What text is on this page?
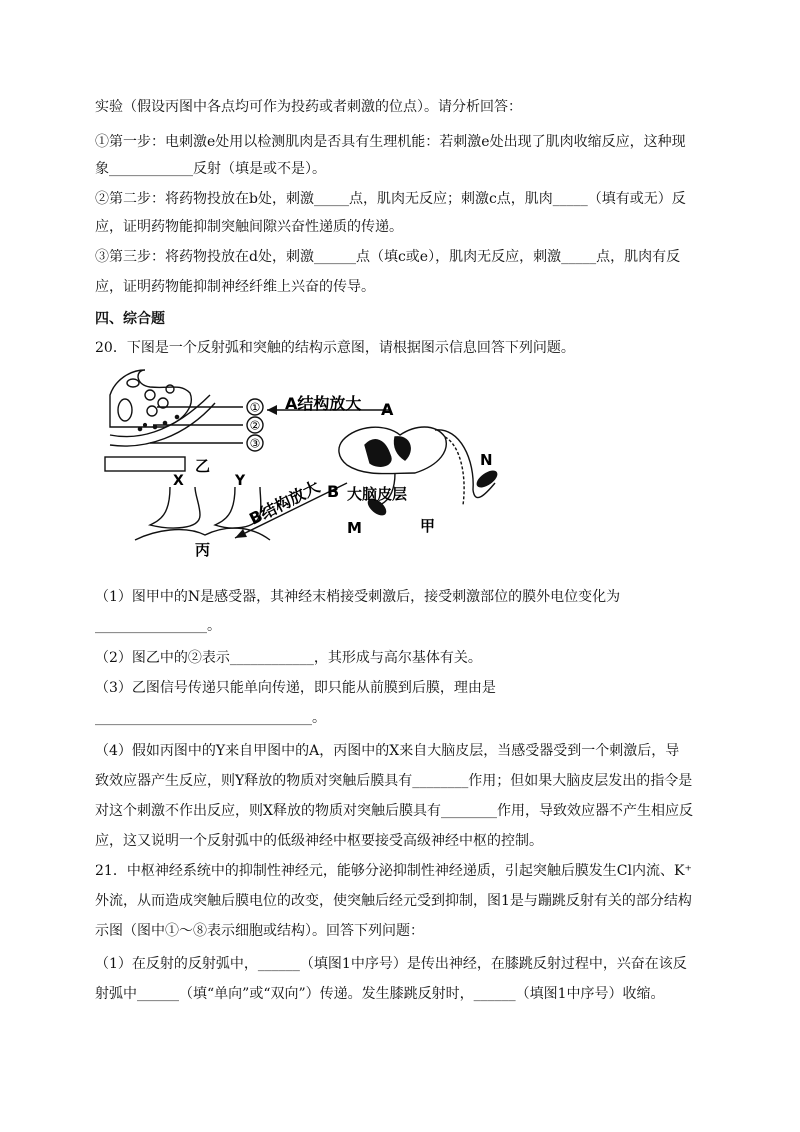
实验（假设丙图中各点均可作为投药或者刺激的位点）。请分析回答：
①第一步：电刺激e处用以检测肌肉是否具有生理机能：若刺激e处出现了肌肉收缩反应，这种现
象____________反射（填是或不是）。
②第二步：将药物投放在b处，刺激_____点，肌肉无反应；刺激c点，肌肉_____（填有或无）反
应，证明药物能抑制突触间隙兴奋性递质的传递。
③第三步：将药物投放在d处，刺激______点（填c或e），肌肉无反应，刺激_____点，肌肉有反
应，证明药物能抑制神经纤维上兴奋的传导。
四、综合题
20．下图是一个反射弧和突触的结构示意图，请根据图示信息回答下列问题。
①
②
③
乙
A结构放大 A
X	Y
丙
B结构放大 B 大脑皮层
N
M	甲
（1）图甲中的N是感受器，其神经末梢接受刺激后，接受刺激部位的膜外电位变化为
________________。
（2）图乙中的②表示____________，其形成与高尔基体有关。
（3）乙图信号传递只能单向传递，即只能从前膜到后膜，理由是
_______________________________。
（4）假如丙图中的Y来自甲图中的A，丙图中的X来自大脑皮层，当感受器受到一个刺激后，导
致效应器产生反应，则Y释放的物质对突触后膜具有________作用；但如果大脑皮层发出的指令是
对这个刺激不作出反应，则X释放的物质对突触后膜具有________作用，导致效应器不产生相应反
应，这又说明一个反射弧中的低级神经中枢要接受高级神经中枢的控制。
21．中枢神经系统中的抑制性神经元，能够分泌抑制性神经递质，引起突触后膜发生Cl内流、K⁺
外流，从而造成突触后膜电位的改变，使突触后经元受到抑制，图1是与蹦跳反射有关的部分结构
示图（图中①～⑧表示细胞或结构）。回答下列问题：
（1）在反射的反射弧中，______（填图1中序号）是传出神经，在膝跳反射过程中，兴奋在该反
射弧中______（填“单向”或“双向”）传递。发生膝跳反射时，______（填图1中序号）收缩。
